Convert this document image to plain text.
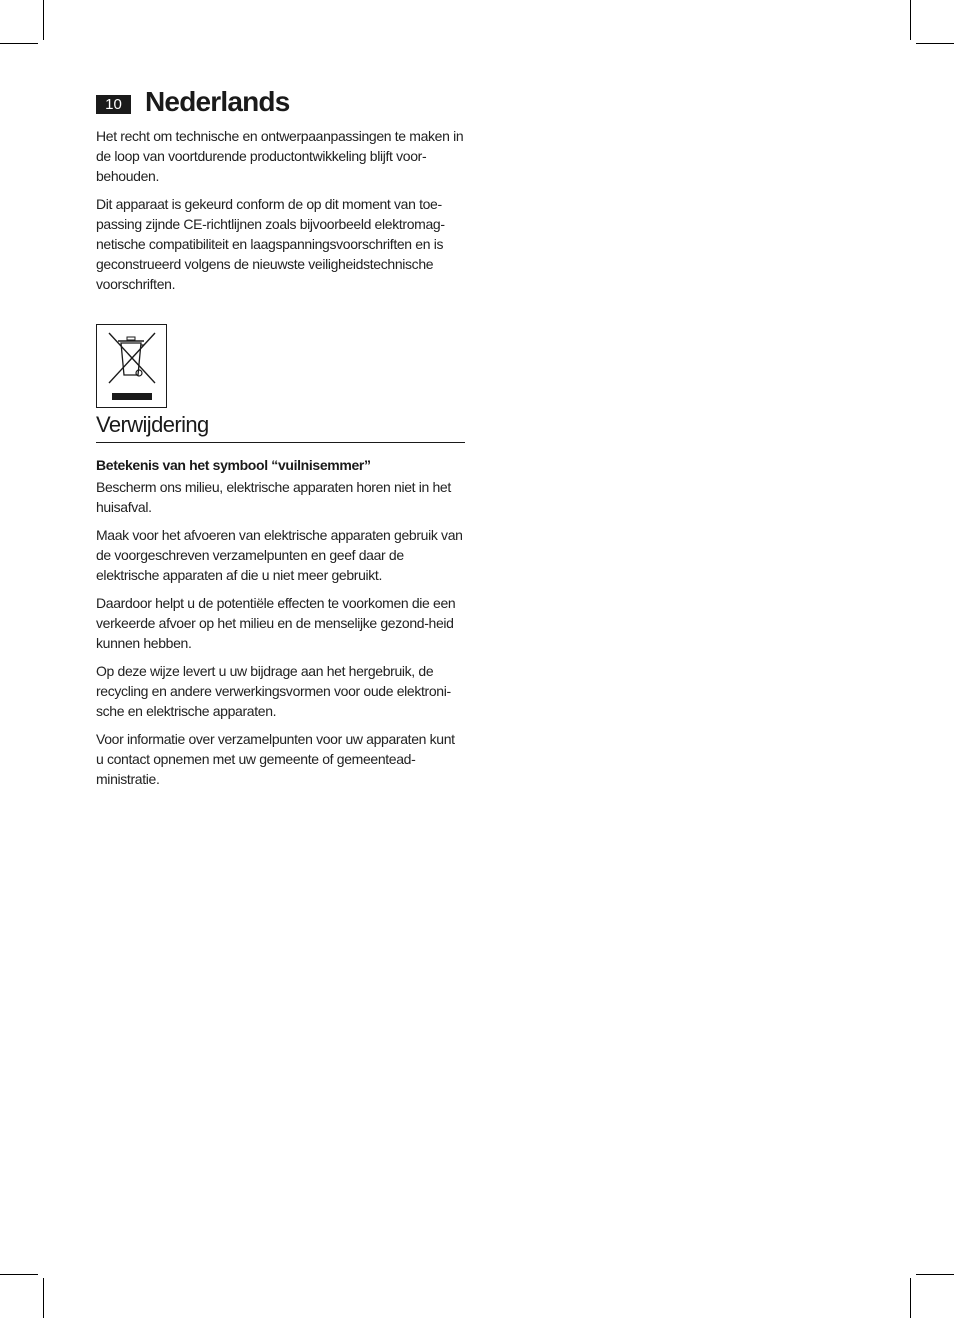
10 Nederlands

Het recht om technische en ontwerpaanpassingen te maken in de loop van voortdurende productontwikkeling blijft voor-behouden.

Dit apparaat is gekeurd conform de op dit moment van toe-passing zijnde CE-richtlijnen zoals bijvoorbeeld elektromag-netische compatibiliteit en laagspanningsvoorschriften en is geconstrueerd volgens de nieuwste veiligheidstechnische voorschriften.

Verwijdering
Betekenis van het symbool “vuilnisemmer”

Bescherm ons milieu, elektrische apparaten horen niet in het huisafval.

Maak voor het afvoeren van elektrische apparaten gebruik van de voorgeschreven verzamelpunten en geef daar de elektrische apparaten af die u niet meer gebruikt.

Daardoor helpt u de potentiële effecten te voorkomen die een verkeerde afvoer op het milieu en de menselijke gezond-heid kunnen hebben.

Op deze wijze levert u uw bijdrage aan het hergebruik, de recycling en andere verwerkingsvormen voor oude elektroni-sche en elektrische apparaten.

Voor informatie over verzamelpunten voor uw apparaten kunt u contact opnemen met uw gemeente of gemeentead-ministratie.
